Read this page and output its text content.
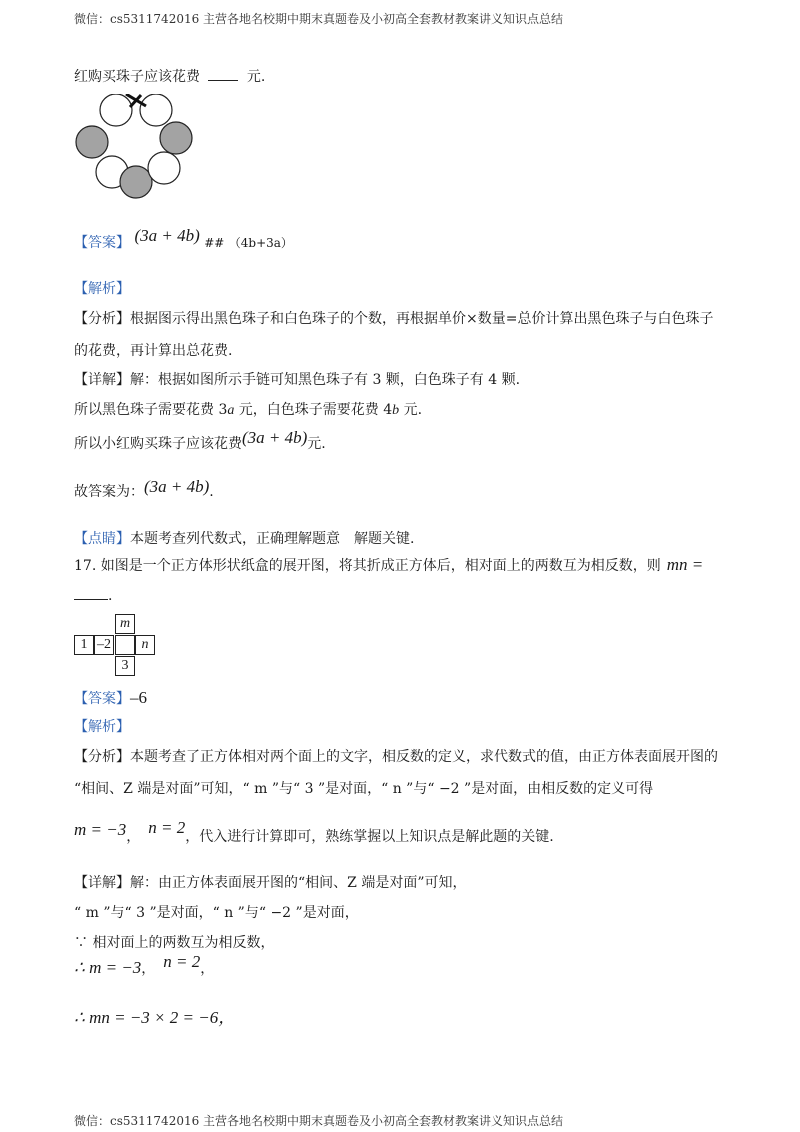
微信：cs5311742016 主营各地名校期中期末真题卷及小初高全套教材教案讲义知识点总结
红购买珠子应该花费	元.
【答案】 (3a + 4b) ## （4b+3a）
【解析】
【分析】根据图示得出黑色珠子和白色珠子的个数，再根据单价×数量=总价计算出黑色珠子与白色珠子
的花费，再计算出总花费.
【详解】解：根据如图所示手链可知黑色珠子有 3 颗，白色珠子有 4 颗.
所以黑色珠子需要花费 3a 元，白色珠子需要花费 4b 元.
所以小红购买珠子应该花费(3a + 4b)元.
故答案为：(3a + 4b).
【点睛】本题考查列代数式，正确理解题意　解题关键.
17. 如图是一个正方体形状纸盒的展开图，将其折成正方体后，相对面上的两数互为相反数，则 mn =
.
m
1 –2	n
3
【答案】–6
【解析】
【分析】本题考查了正方体相对两个面上的文字，相反数的定义，求代数式的值，由正方体表面展开图的
“相间、Z 端是对面”可知，“ m ”与“ 3 ”是对面，“ n ”与“ −2 ”是对面，由相反数的定义可得
m = −3， n = 2，代入进行计算即可，熟练掌握以上知识点是解此题的关键.
【详解】解：由正方体表面展开图的“相间、Z 端是对面”可知，
“ m ”与“ 3 ”是对面，“ n ”与“ −2 ”是对面，
∵ 相对面上的两数互为相反数，
∴ m = −3， n = 2，
∴ mn = −3 × 2 = −6，
微信：cs5311742016 主营各地名校期中期末真题卷及小初高全套教材教案讲义知识点总结
